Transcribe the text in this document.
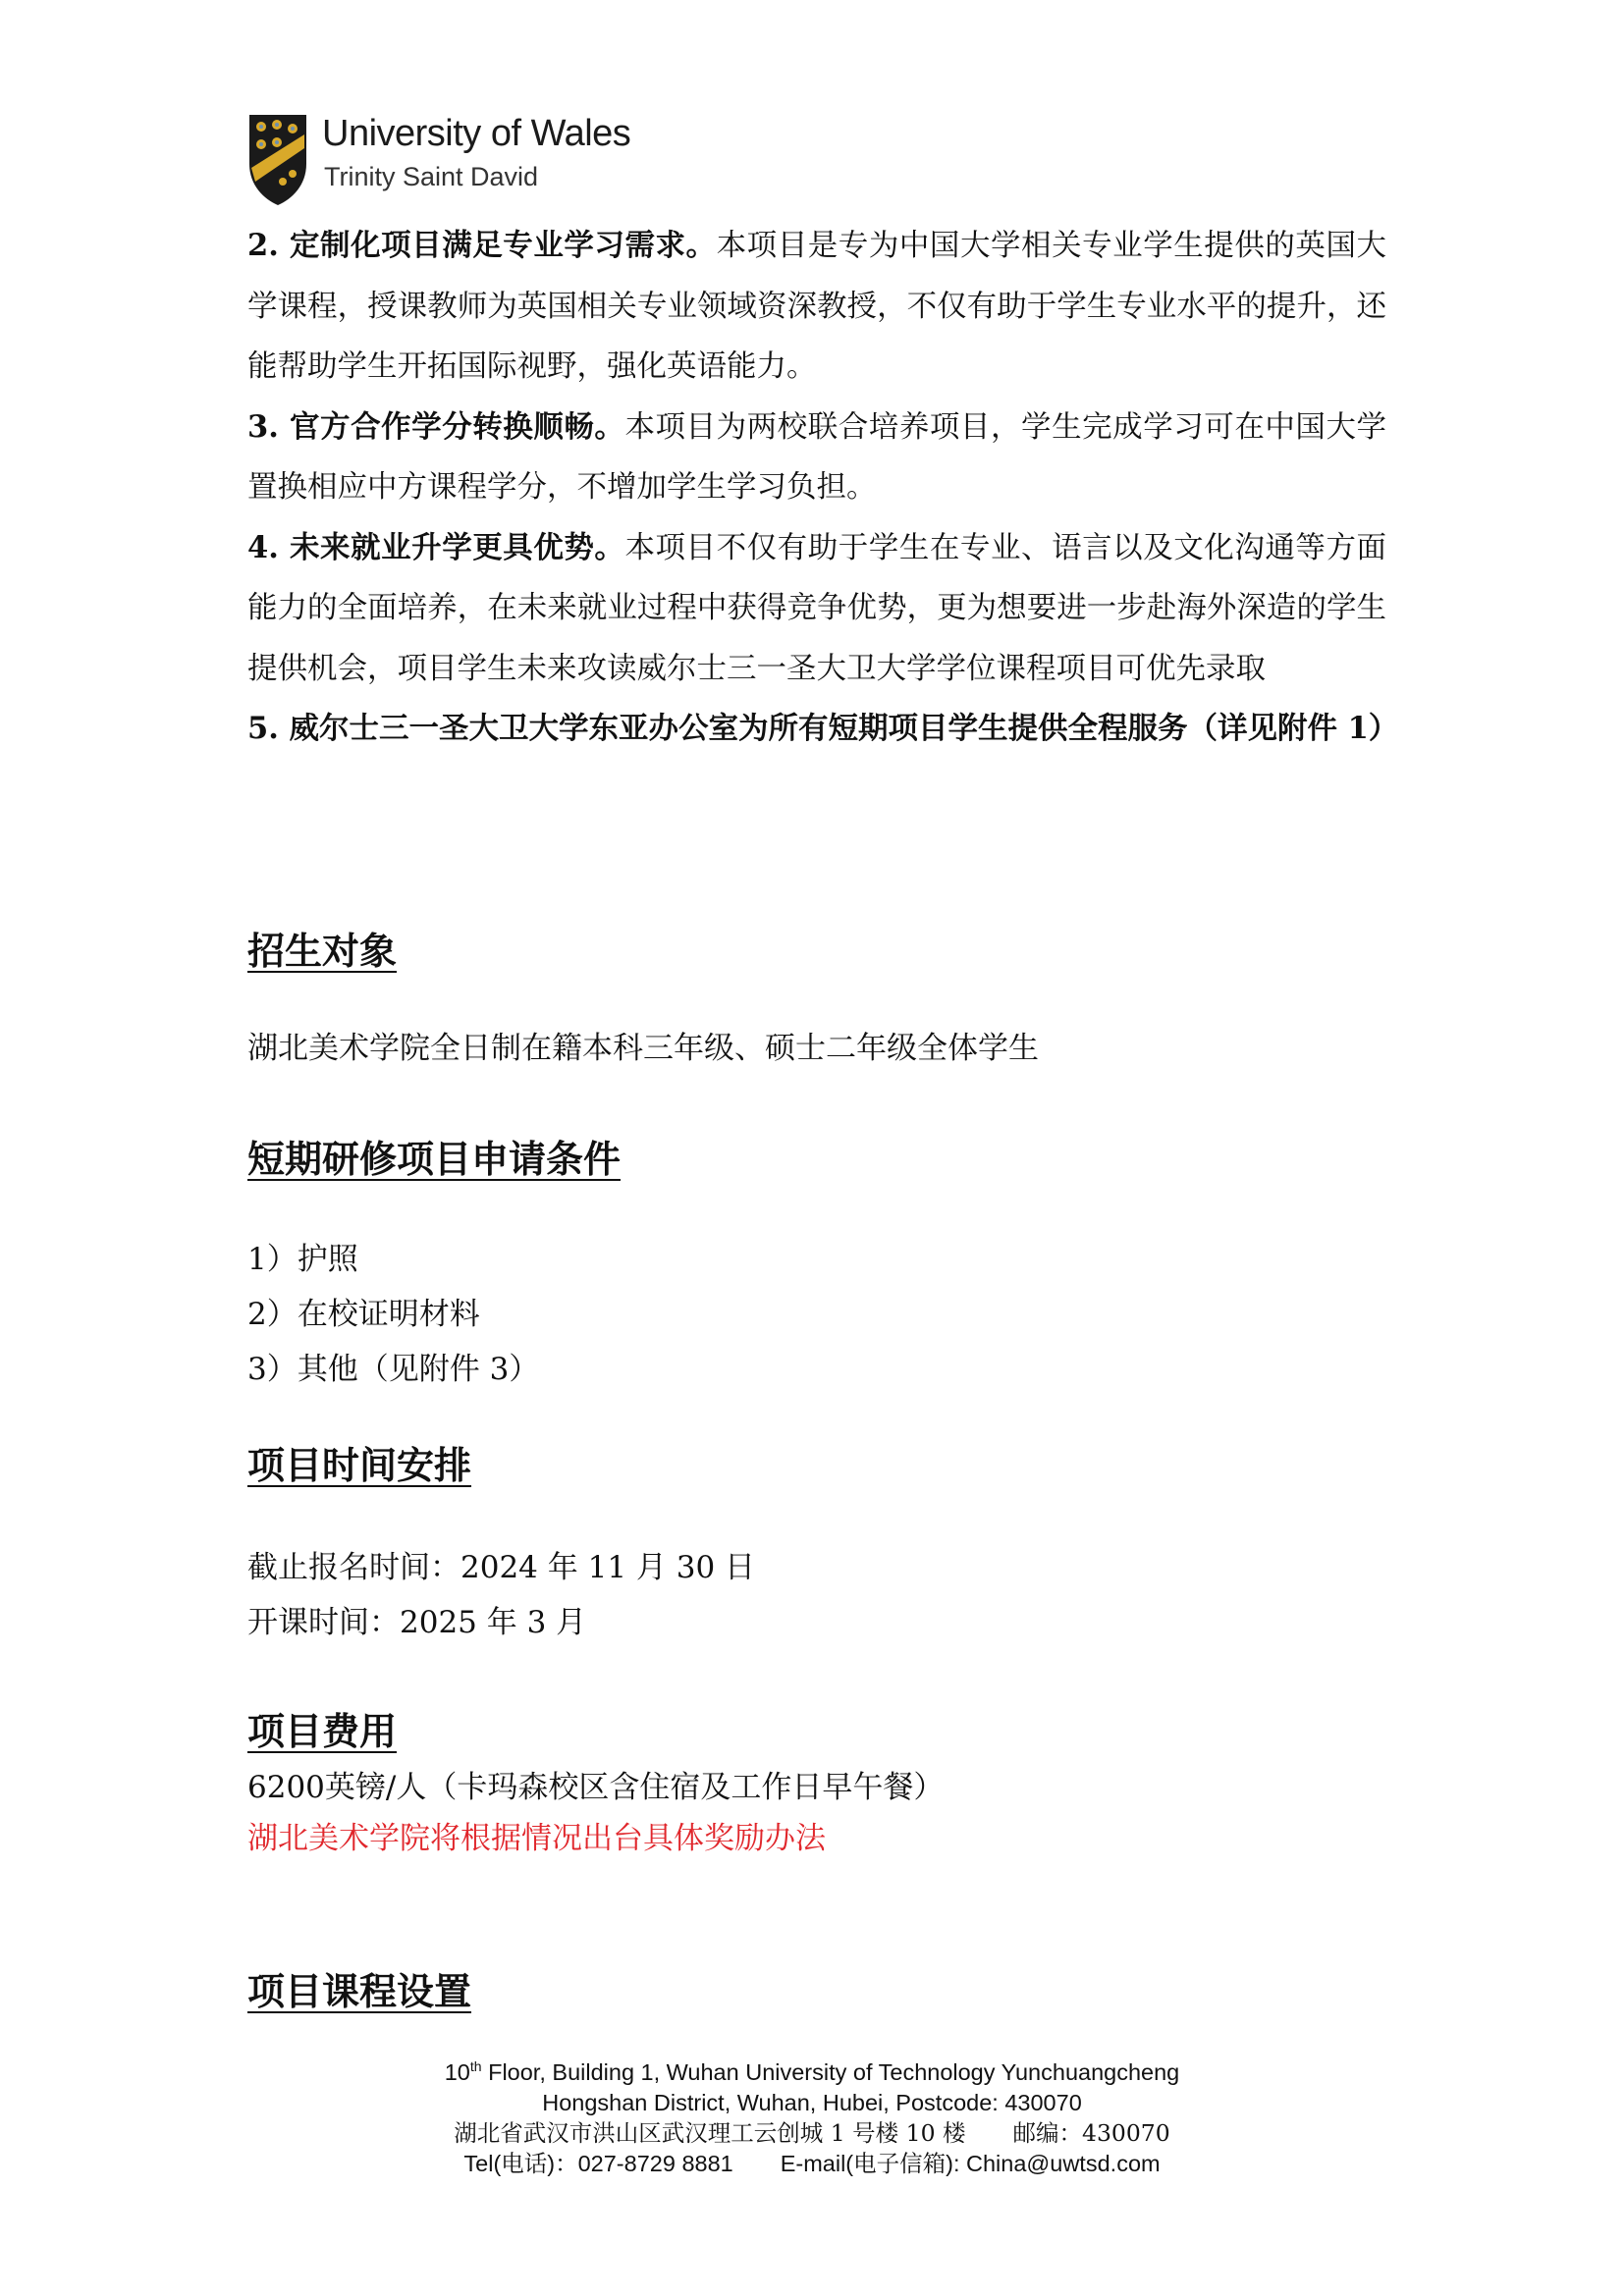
University of Wales
Trinity Saint David

2. 定制化项目满足专业学习需求。本项目是专为中国大学相关专业学生提供的英国大学课程，授课教师为英国相关专业领域资深教授，不仅有助于学生专业水平的提升，还能帮助学生开拓国际视野，强化英语能力。

3. 官方合作学分转换顺畅。本项目为两校联合培养项目，学生完成学习可在中国大学置换相应中方课程学分，不增加学生学习负担。

4. 未来就业升学更具优势。本项目不仅有助于学生在专业、语言以及文化沟通等方面能力的全面培养，在未来就业过程中获得竞争优势，更为想要进一步赴海外深造的学生提供机会，项目学生未来攻读威尔士三一圣大卫大学学位课程项目可优先录取

5. 威尔士三一圣大卫大学东亚办公室为所有短期项目学生提供全程服务（详见附件 1）

招生对象

湖北美术学院全日制在籍本科三年级、硕士二年级全体学生

短期研修项目申请条件

1）护照

2）在校证明材料

3）其他（见附件 3）

项目时间安排

截止报名时间：2024 年 11 月 30 日

开课时间：2025 年 3 月

项目费用

6200英镑/人（卡玛森校区含住宿及工作日早午餐）

湖北美术学院将根据情况出台具体奖励办法

项目课程设置
10th Floor, Building 1, Wuhan University of Technology Yunchuangcheng
Hongshan District, Wuhan, Hubei, Postcode: 430070
湖北省武汉市洪山区武汉理工云创城 1 号楼 10 楼 邮编：430070
Tel(电话)：027-8729 8881 E-mail(电子信箱): China@uwtsd.com
